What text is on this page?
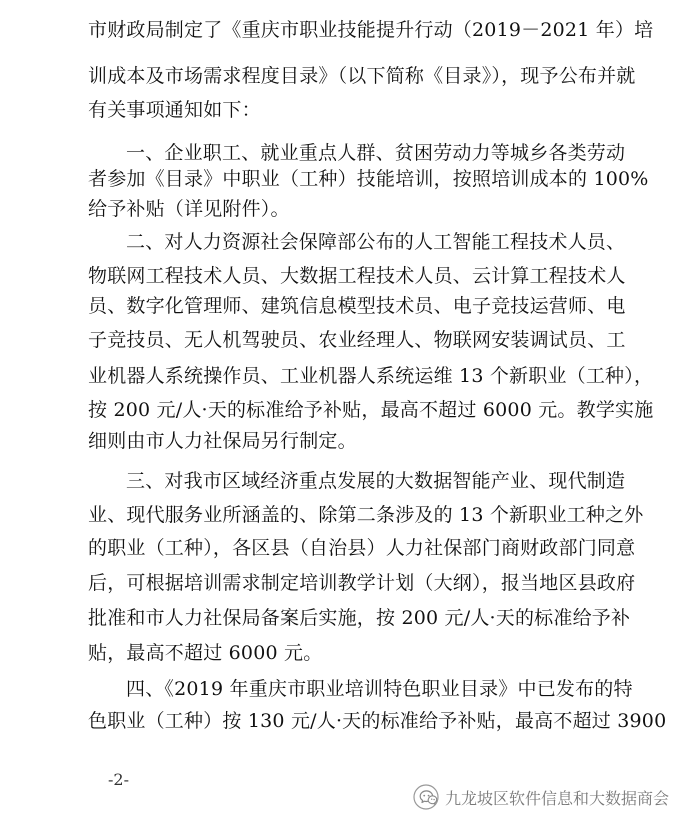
市财政局制定了《重庆市职业技能提升行动（2019－2021 年）培
训成本及市场需求程度目录》（以下简称《目录》），现予公布并就
有关事项通知如下：
一、企业职工、就业重点人群、贫困劳动力等城乡各类劳动
者参加《目录》中职业（工种）技能培训，按照培训成本的 100%
给予补贴（详见附件）。
二、对人力资源社会保障部公布的人工智能工程技术人员、
物联网工程技术人员、大数据工程技术人员、云计算工程技术人
员、数字化管理师、建筑信息模型技术员、电子竞技运营师、电
子竞技员、无人机驾驶员、农业经理人、物联网安装调试员、工
业机器人系统操作员、工业机器人系统运维 13 个新职业（工种），
按 200 元/人·天的标准给予补贴，最高不超过 6000 元。教学实施
细则由市人力社保局另行制定。
三、对我市区域经济重点发展的大数据智能产业、现代制造
业、现代服务业所涵盖的、除第二条涉及的 13 个新职业工种之外
的职业（工种），各区县（自治县）人力社保部门商财政部门同意
后，可根据培训需求制定培训教学计划（大纲），报当地区县政府
批准和市人力社保局备案后实施，按 200 元/人·天的标准给予补
贴，最高不超过 6000 元。
四、《2019 年重庆市职业培训特色职业目录》中已发布的特
色职业（工种）按 130 元/人·天的标准给予补贴，最高不超过 3900
-2-
九龙坡区软件信息和大数据商会
